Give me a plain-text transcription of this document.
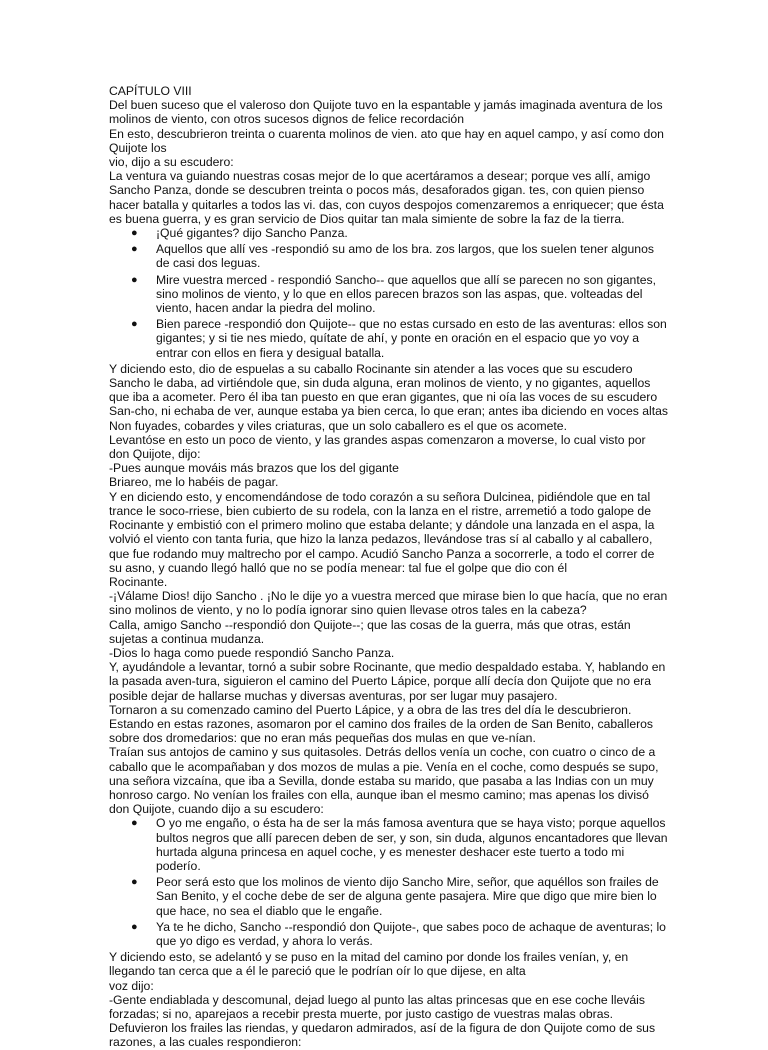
CAPÍTULO VIII

Del buen suceso que el valeroso don Quijote tuvo en la espantable y jamás imaginada aventura de los molinos de viento, con otros sucesos dignos de felice recordación

En esto, descubrieron treinta o cuarenta molinos de vien. ato que hay en aquel campo, y así como don Quijote los

vio, dijo a su escudero:

La ventura va guiando nuestras cosas mejor de lo que acertáramos a desear; porque ves allí, amigo Sancho Panza, donde se descubren treinta o pocos más, desaforados gigan. tes, con quien pienso hacer batalla y quitarles a todos las vi. das, con cuyos despojos comenzaremos a enriquecer; que ésta es buena guerra, y es gran servicio de Dios quitar tan mala simiente de sobre la faz de la tierra.

● ¡Qué gigantes? dijo Sancho Panza.
● Aquellos que allí ves -respondió su amo de los bra. zos largos, que los suelen tener algunos de casi dos leguas.
● Mire vuestra merced - respondió Sancho-- que aquellos que allí se parecen no son gigantes, sino molinos de viento, y lo que en ellos parecen brazos son las aspas, que. volteadas del viento, hacen andar la piedra del molino.
● Bien parece -respondió don Quijote-- que no estas cursado en esto de las aventuras: ellos son gigantes; y si tie nes miedo, quítate de ahí, y ponte en oración en el espacio que yo voy a entrar con ellos en fiera y desigual batalla.

Y diciendo esto, dio de espuelas a su caballo Rocinante sin atender a las voces que su escudero Sancho le daba, ad virtiéndole que, sin duda alguna, eran molinos de viento, y no gigantes, aquellos que iba a acometer. Pero él iba tan puesto en que eran gigantes, que ni oía las voces de su escudero San-cho, ni echaba de ver, aunque estaba ya bien cerca, lo que eran; antes iba diciendo en voces altas

Non fuyades, cobardes y viles criaturas, que un solo caballero es el que os acomete.

Levantóse en esto un poco de viento, y las grandes aspas comenzaron a moverse, lo cual visto por don Quijote, dijo:

-Pues aunque mováis más brazos que los del gigante

Briareo, me lo habéis de pagar.

Y en diciendo esto, y encomendándose de todo corazón a su señora Dulcinea, pidiéndole que en tal trance le soco-rriese, bien cubierto de su rodela, con la lanza en el ristre, arremetió a todo galope de Rocinante y embistió con el primero molino que estaba delante; y dándole una lanzada en el aspa, la volvió el viento con tanta furia, que hizo la lanza pedazos, llevándose tras sí al caballo y al caballero, que fue rodando muy maltrecho por el campo. Acudió Sancho Panza a socorrerle, a todo el correr de su asno, y cuando llegó halló que no se podía menear: tal fue el golpe que dio con él

Rocinante.

-¡Válame Dios! dijo Sancho . ¡No le dije yo a vuestra merced que mirase bien lo que hacía, que no eran sino molinos de viento, y no lo podía ignorar sino quien llevase otros tales en la cabeza?

Calla, amigo Sancho --respondió don Quijote--; que las cosas de la guerra, más que otras, están sujetas a continua mudanza.

-Dios lo haga como puede respondió Sancho Panza.

Y, ayudándole a levantar, tornó a subir sobre Rocinante, que medio despaldado estaba. Y, hablando en la pasada aven-tura, siguieron el camino del Puerto Lápice, porque allí decía don Quijote que no era posible dejar de hallarse muchas y diversas aventuras, por ser lugar muy pasajero.

Tornaron a su comenzado camino del Puerto Lápice, y a obra de las tres del día le descubrieron.

Estando en estas razones, asomaron por el camino dos frailes de la orden de San Benito, caballeros sobre dos dromedarios: que no eran más pequeñas dos mulas en que ve-nían.

Traían sus antojos de camino y sus quitasoles. Detrás dellos venía un coche, con cuatro o cinco de a caballo que le acompañaban y dos mozos de mulas a pie. Venía en el coche, como después se supo, una señora vizcaína, que iba a Sevilla, donde estaba su marido, que pasaba a las Indias con un muy honroso cargo. No venían los frailes con ella, aunque iban el mesmo camino; mas apenas los divisó don Quijote, cuando dijo a su escudero:

● O yo me engaño, o ésta ha de ser la más famosa aventura que se haya visto; porque aquellos bultos negros que allí parecen deben de ser, y son, sin duda, algunos encantadores que llevan hurtada alguna princesa en aquel coche, y es menester deshacer este tuerto a todo mi poderío.
● Peor será esto que los molinos de viento dijo Sancho Mire, señor, que aquéllos son frailes de San Benito, y el coche debe de ser de alguna gente pasajera. Mire que digo que mire bien lo que hace, no sea el diablo que le engañe.
● Ya te he dicho, Sancho --respondió don Quijote-, que sabes poco de achaque de aventuras; lo que yo digo es verdad, y ahora lo verás.

Y diciendo esto, se adelantó y se puso en la mitad del camino por donde los frailes venían, y, en llegando tan cerca que a él le pareció que le podrían oír lo que dijese, en alta

voz dijo:

-Gente endiablada y descomunal, dejad luego al punto las altas princesas que en ese coche lleváis forzadas; si no, aparejaos a recebir presta muerte, por justo castigo de vuestras malas obras.

Defuvieron los frailes las riendas, y quedaron admirados, así de la figura de don Quijote como de sus razones, a las cuales respondieron:
